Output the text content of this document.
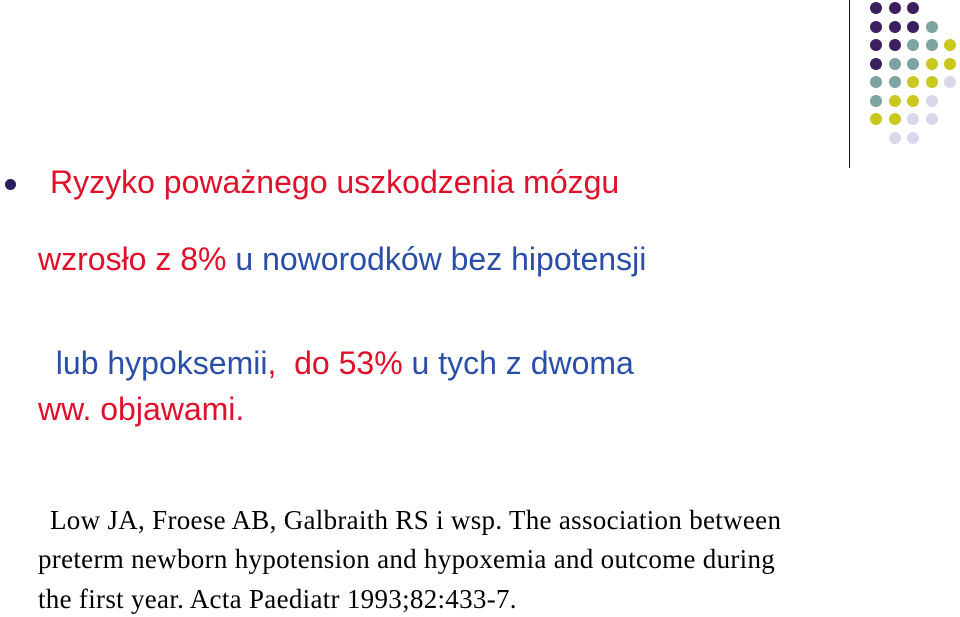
Ryzyko poważnego uszkodzenia mózgu
wzrosło z 8% u noworodków bez hipotensji

lub hypoksemii,  do 53% u tych z dwoma

ww. objawami.
Low JA, Froese AB, Galbraith RS i wsp. The association between
preterm newborn hypotension and hypoxemia and outcome during
the first year. Acta Paediatr 1993;82:433-7.
